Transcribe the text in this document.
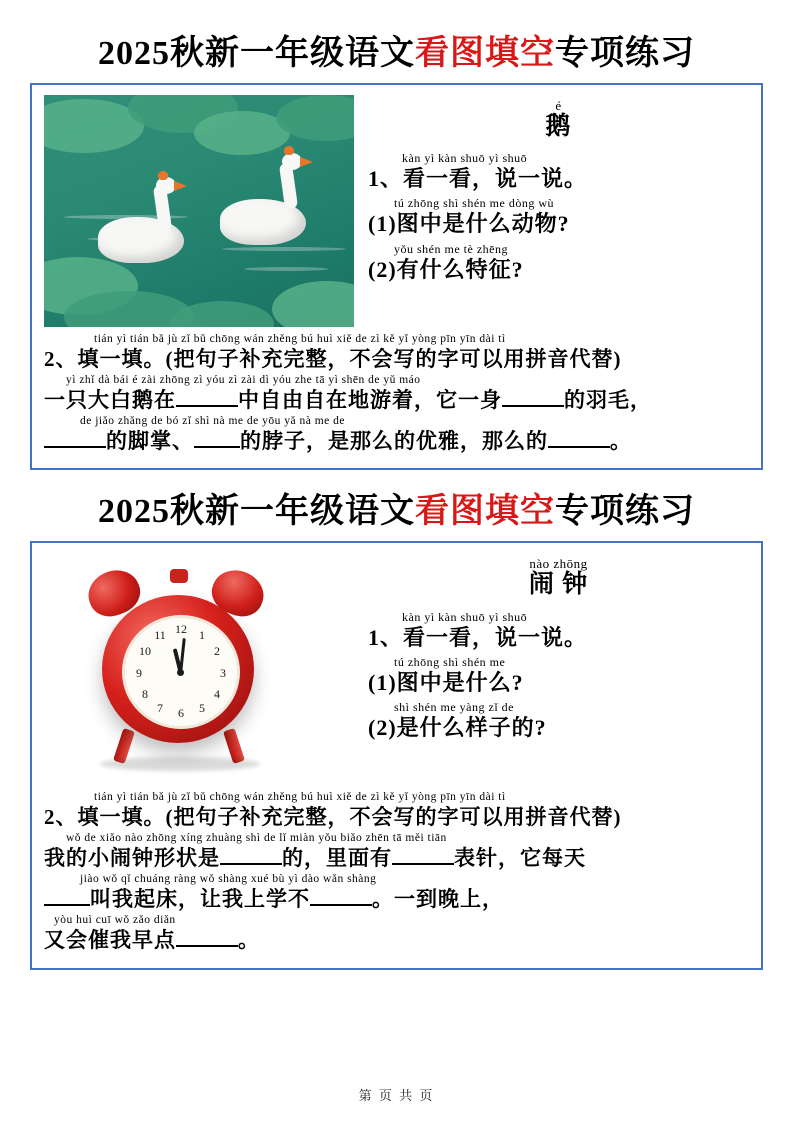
2025秋新一年级语文看图填空专项练习
é
鹅
kàn yì kàn shuō yì shuō
1、看一看，说一说。
tú zhōng shì shén me dòng wù
(1)图中是什么动物?
yǒu shén me tè zhēng
(2)有什么特征?
tián yì tián bǎ jù zǐ bǔ chōng wán zhěng bú huì xiě de zì kě yǐ yòng pīn yīn dài tì
2、填一填。(把句子补充完整，不会写的字可以用拼音代替)
yì zhǐ dà bái é zài zhōng zì yóu zì zài dì yóu zhe tā yì shēn de yǔ máo
一只大白鹅在	中自由自在地游着，它一身	的羽毛，
de jiǎo zhǎng de bó zǐ shì nà me de yōu yǎ nà me de
的脚掌、 的脖子，是那么的优雅，那么的	。
2025秋新一年级语文看图填空专项练习
12	1
2
3
4
5
6
7
8
9
10
11
nào zhōng
闹 钟
kàn yì kàn shuō yì shuō
1、看一看，说一说。
tú zhōng shì shén me
(1)图中是什么?
shì shén me yàng zǐ de
(2)是什么样子的?
tián yì tián bǎ jù zǐ bǔ chōng wán zhěng bú huì xiě de zì kě yǐ yòng pīn yīn dài tì
2、填一填。(把句子补充完整，不会写的字可以用拼音代替)
wǒ de xiǎo nào zhōng xíng zhuàng shì de lǐ miàn yǒu biǎo zhēn tā měi tiān
我的小闹钟形状是	的，里面有	表针，它每天
jiào wǒ qǐ chuáng ràng wǒ shàng xué bù yì dào wǎn shàng
叫我起床，让我上学不	。一到晚上，
yòu huì cuī wǒ zǎo diǎn
又会催我早点	。
第 页 共 页
